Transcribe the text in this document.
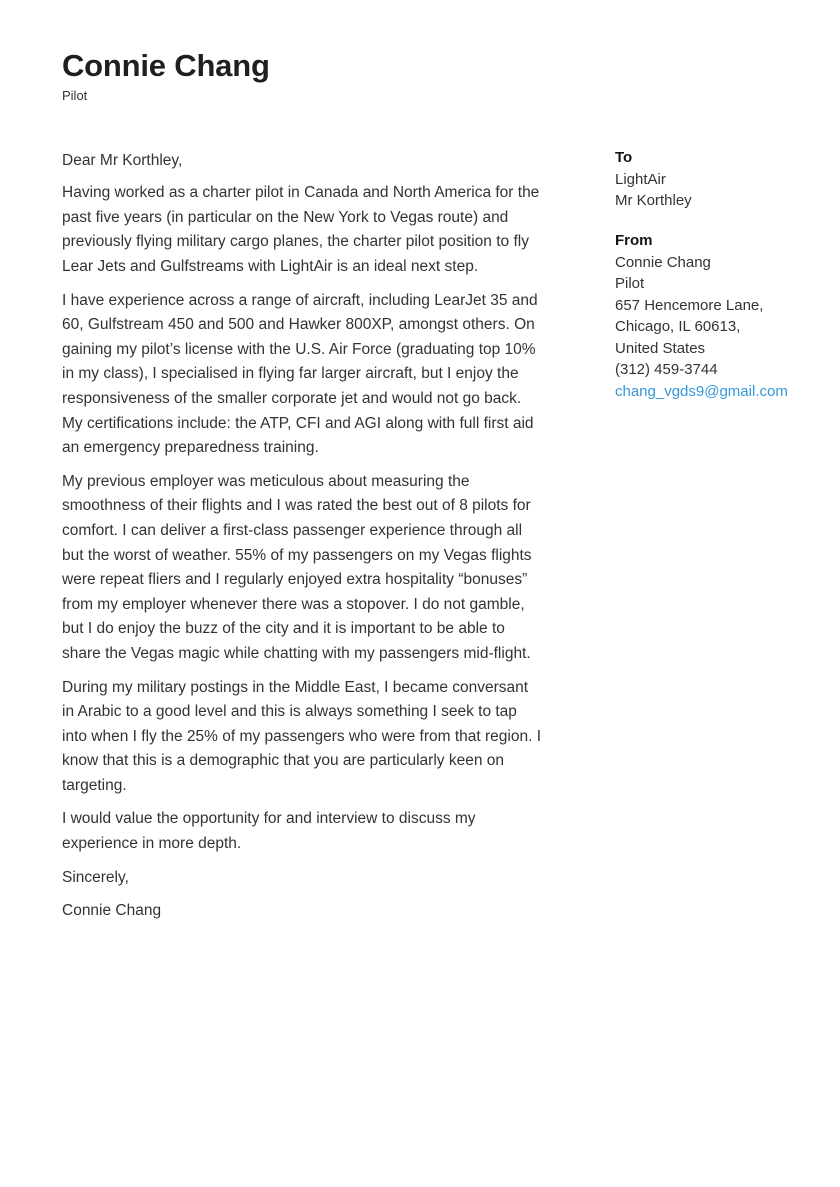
Connie Chang
Pilot

Dear Mr Korthley,

Having worked as a charter pilot in Canada and North America for the past five years (in particular on the New York to Vegas route) and previously flying military cargo planes, the charter pilot position to fly Lear Jets and Gulfstreams with LightAir is an ideal next step.

I have experience across a range of aircraft, including LearJet 35 and 60, Gulfstream 450 and 500 and Hawker 800XP, amongst others. On gaining my pilot’s license with the U.S. Air Force (graduating top 10% in my class), I specialised in flying far larger aircraft, but I enjoy the responsiveness of the smaller corporate jet and would not go back. My certifications include: the ATP, CFI and AGI along with full first aid an emergency preparedness training.

My previous employer was meticulous about measuring the smoothness of their flights and I was rated the best out of 8 pilots for comfort. I can deliver a first-class passenger experience through all but the worst of weather. 55% of my passengers on my Vegas flights were repeat fliers and I regularly enjoyed extra hospitality “bonuses” from my employer whenever there was a stopover. I do not gamble, but I do enjoy the buzz of the city and it is important to be able to share the Vegas magic while chatting with my passengers mid-flight.

During my military postings in the Middle East, I became conversant in Arabic to a good level and this is always something I seek to tap into when I fly the 25% of my passengers who were from that region. I know that this is a demographic that you are particularly keen on targeting.

I would value the opportunity for and interview to discuss my experience in more depth.

Sincerely,

Connie Chang

To
LightAir
Mr Korthley
From
Connie Chang
Pilot
657 Hencemore Lane,
Chicago, IL 60613, United States
(312) 459-3744
chang_vgds9@gmail.com
